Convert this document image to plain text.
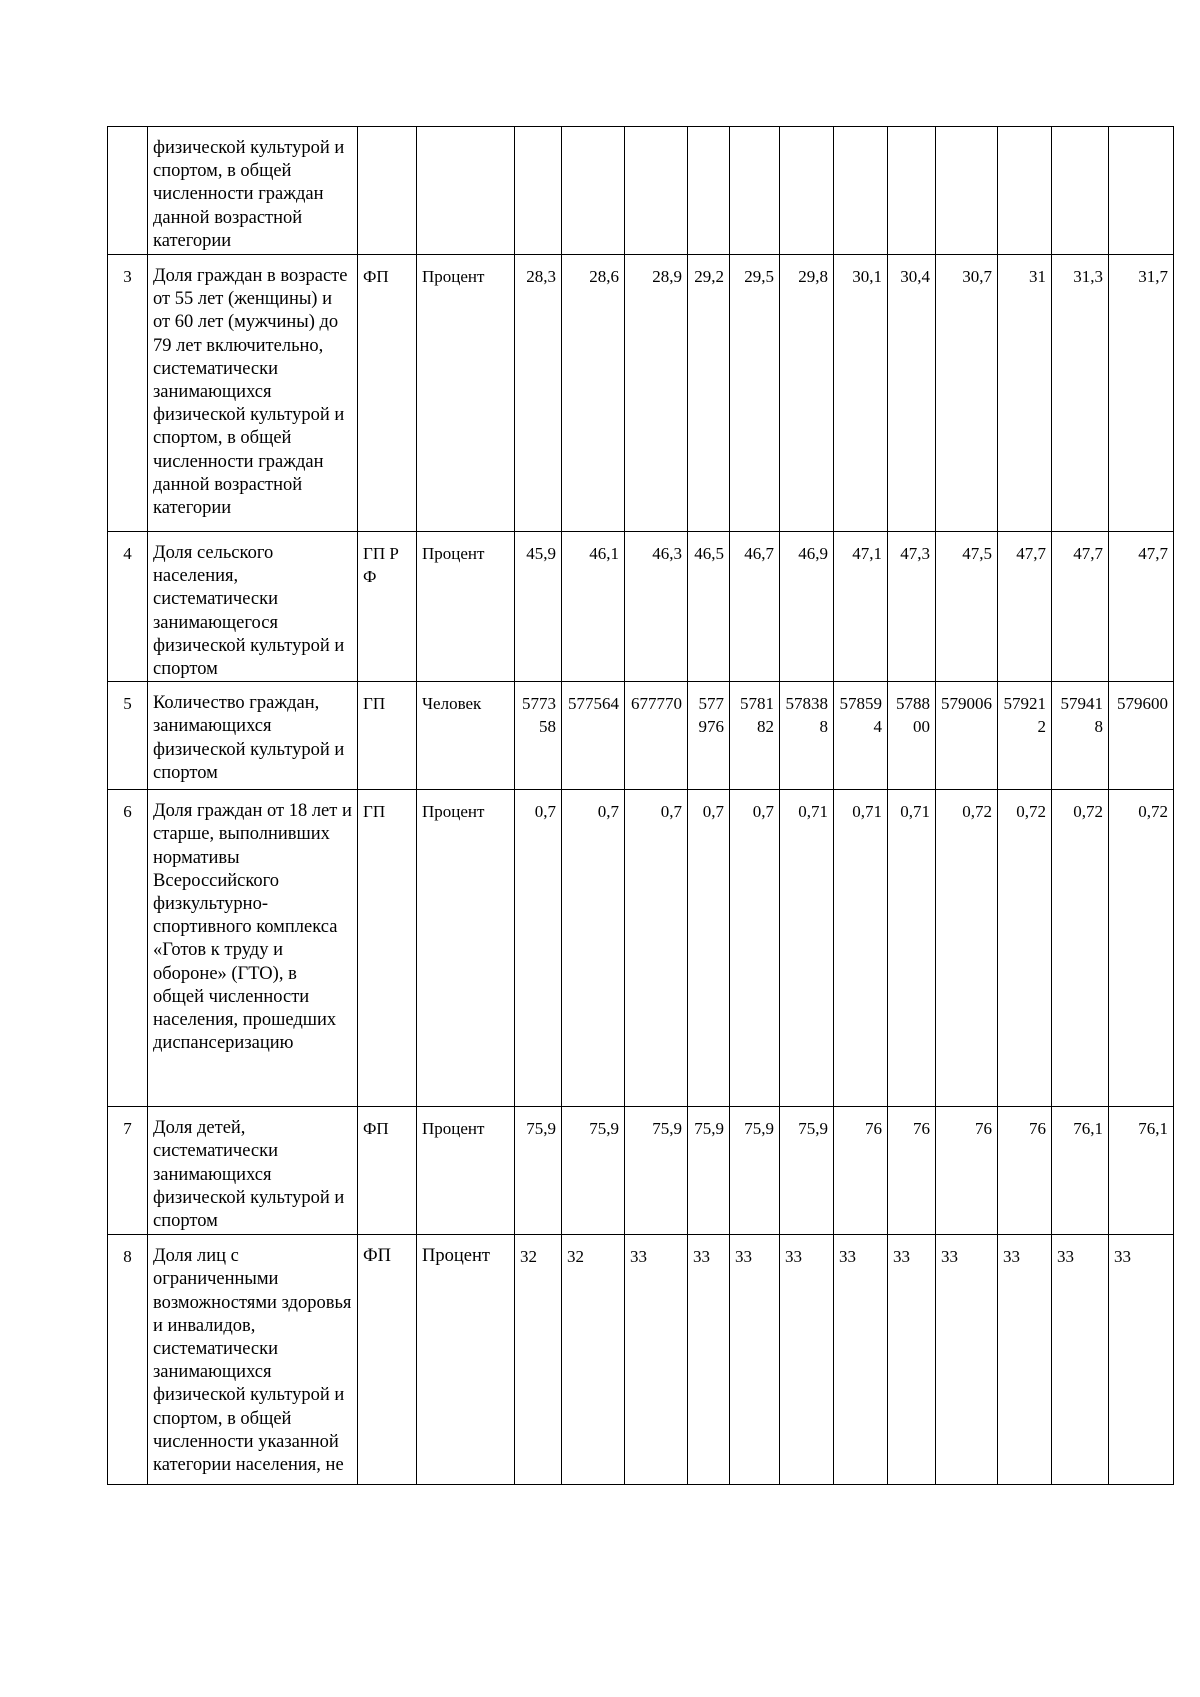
	физической культурой и спортом, в общей численности граждан данной возрастной категории														
3	Доля граждан в возрасте от 55 лет (женщины) и от 60 лет (мужчины) до 79 лет включительно, систематически занимающихся физической культурой и спортом, в общей численности граждан данной возрастной категории	ФП	Процент	28,3	28,6	28,9	29,2	29,5	29,8	30,1	30,4	30,7	31	31,3	31,7
4	Доля сельского населения, систематически занимающегося физической культурой и спортом	ГП РФ	Процент	45,9	46,1	46,3	46,5	46,7	46,9	47,1	47,3	47,5	47,7	47,7	47,7
5	Количество граждан, занимающихся физической культурой и спортом	ГП	Человек	577358	577564	677770	577976	578182	578388	578594	578800	579006	579212	579418	579600
6	Доля граждан от 18 лет и старше, выполнивших нормативы Всероссийского физкультурно-спортивного комплекса «Готов к труду и обороне» (ГТО), в общей численности населения, прошедших диспансеризацию	ГП	Процент	0,7	0,7	0,7	0,7	0,7	0,71	0,71	0,71	0,72	0,72	0,72	0,72
7	Доля детей, систематически занимающихся физической культурой и спортом	ФП	Процент	75,9	75,9	75,9	75,9	75,9	75,9	76	76	76	76	76,1	76,1
8	Доля лиц с ограниченными возможностями здоровья и инвалидов, систематически занимающихся физической культурой и спортом, в общей численности указанной категории населения, не	ФП	Процент	32	32	33	33	33	33	33	33	33	33	33	33
